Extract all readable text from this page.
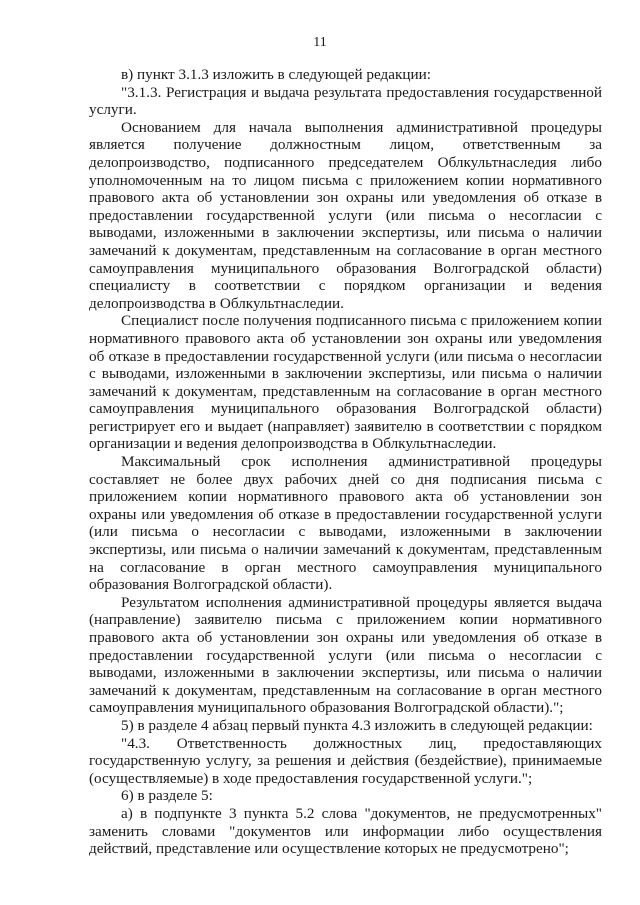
11

в) пункт 3.1.3 изложить в следующей редакции:

"3.1.3. Регистрация и выдача результата предоставления государственной услуги.

Основанием для начала выполнения административной процедуры является получение должностным лицом, ответственным за делопроизводство, подписанного председателем Облкультнаследия либо уполномоченным на то лицом письма с приложением копии нормативного правового акта об установлении зон охраны или уведомления об отказе в предоставлении государственной услуги (или письма о несогласии с выводами, изложенными в заключении экспертизы, или письма о наличии замечаний к документам, представленным на согласование в орган местного самоуправления муниципального образования Волгоградской области) специалисту в соответствии с порядком организации и ведения делопроизводства в Облкультнаследии.

Специалист после получения подписанного письма с приложением копии нормативного правового акта об установлении зон охраны или уведомления об отказе в предоставлении государственной услуги (или письма о несогласии с выводами, изложенными в заключении экспертизы, или письма о наличии замечаний к документам, представленным на согласование в орган местного самоуправления муниципального образования Волгоградской области) регистрирует его и выдает (направляет) заявителю в соответствии с порядком организации и ведения делопроизводства в Облкультнаследии.

Максимальный срок исполнения административной процедуры составляет не более двух рабочих дней со дня подписания письма с приложением копии нормативного правового акта об установлении зон охраны или уведомления об отказе в предоставлении государственной услуги (или письма о несогласии с выводами, изложенными в заключении экспертизы, или письма о наличии замечаний к документам, представленным на согласование в орган местного самоуправления муниципального образования Волгоградской области).

Результатом исполнения административной процедуры является выдача (направление) заявителю письма с приложением копии нормативного правового акта об установлении зон охраны или уведомления об отказе в предоставлении государственной услуги (или письма о несогласии с выводами, изложенными в заключении экспертизы, или письма о наличии замечаний к документам, представленным на согласование в орган местного самоуправления муниципального образования Волгоградской области).";

5) в разделе 4 абзац первый пункта 4.3 изложить в следующей редакции:

"4.3. Ответственность должностных лиц, предоставляющих государственную услугу, за решения и действия (бездействие), принимаемые (осуществляемые) в ходе предоставления государственной услуги.";

6) в разделе 5:

а) в подпункте 3 пункта 5.2 слова "документов, не предусмотренных" заменить словами "документов или информации либо осуществления действий, представление или осуществление которых не предусмотрено";
